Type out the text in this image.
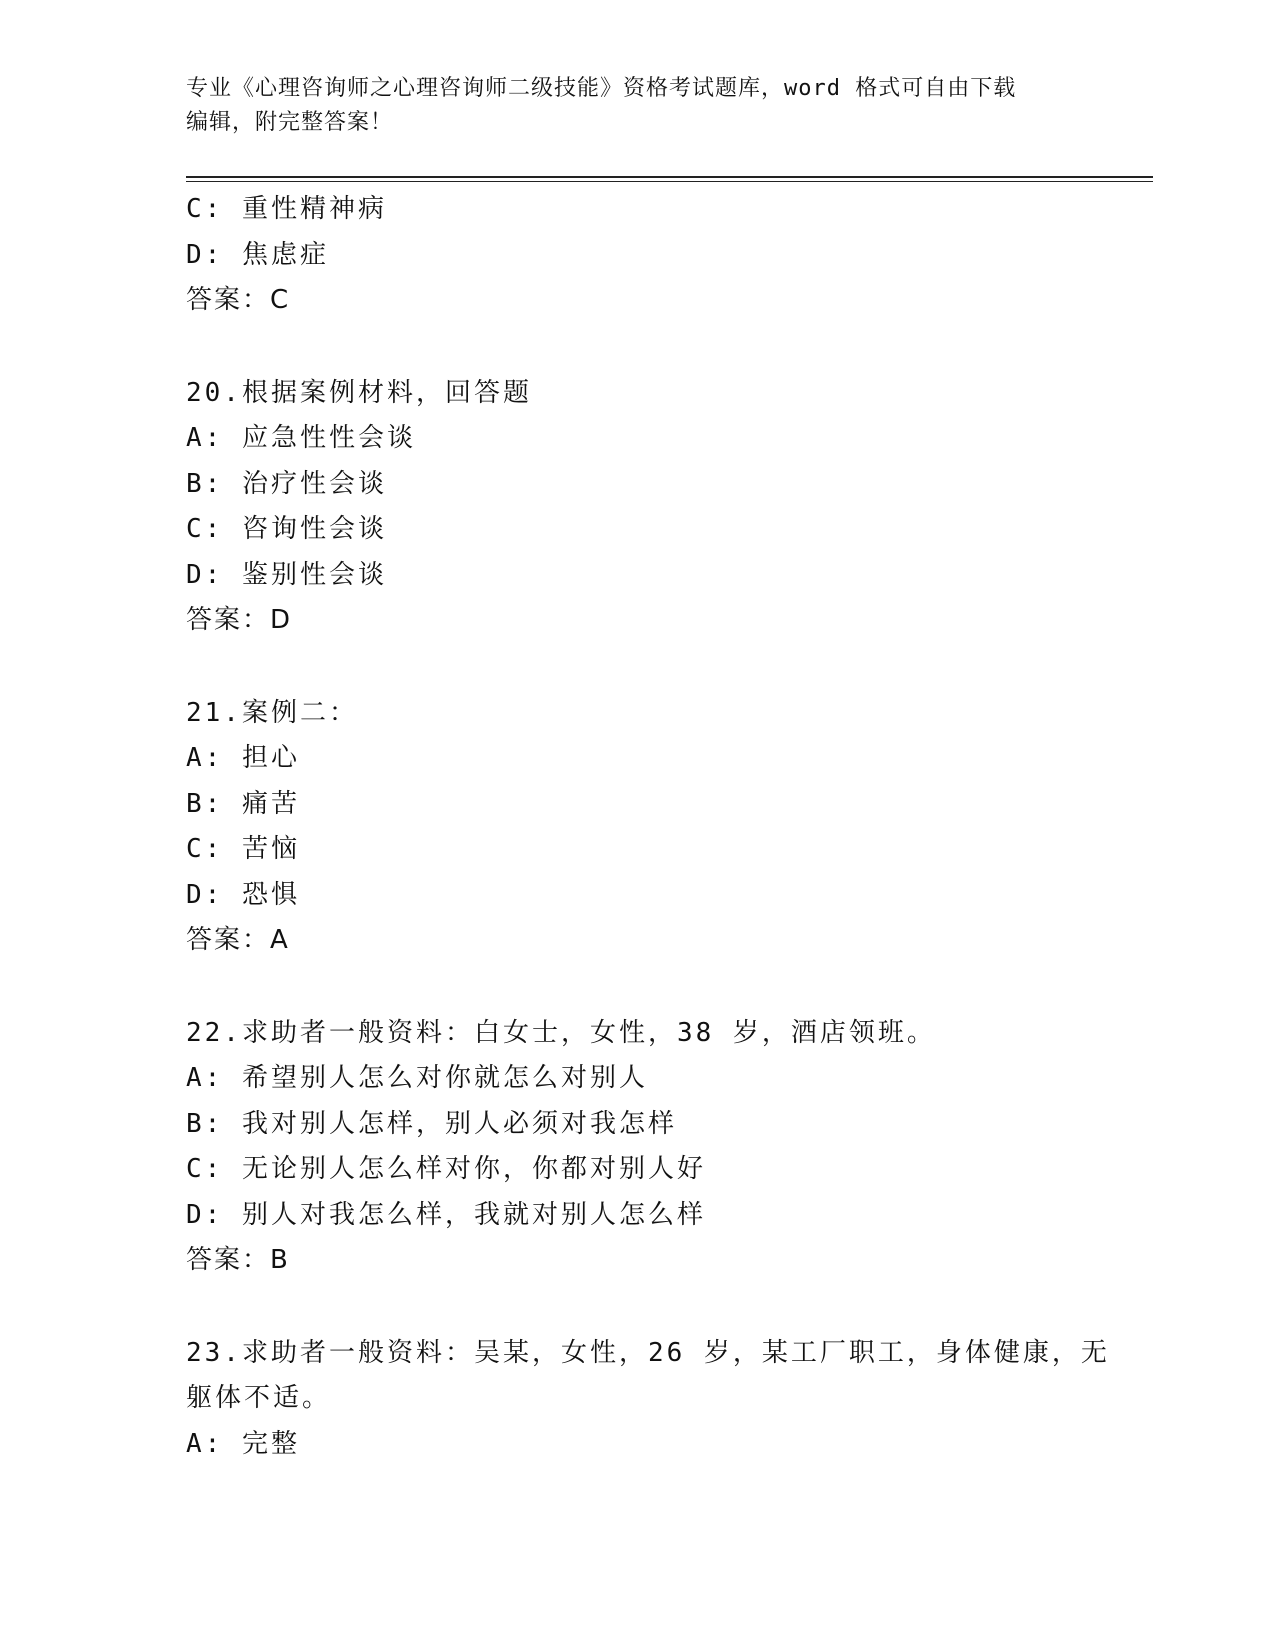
专业《心理咨询师之心理咨询师二级技能》资格考试题库，word 格式可自由下载
编辑，附完整答案！
C: 重性精神病
D: 焦虑症
答案：C
20.根据案例材料，回答题
A: 应急性性会谈
B: 治疗性会谈
C: 咨询性会谈
D: 鉴别性会谈
答案：D
21.案例二：
A: 担心
B: 痛苦
C: 苦恼
D: 恐惧
答案：A
22.求助者一般资料：白女士，女性，38 岁，酒店领班。
A: 希望别人怎么对你就怎么对别人
B: 我对别人怎样，别人必须对我怎样
C: 无论别人怎么样对你，你都对别人好
D: 别人对我怎么样，我就对别人怎么样
答案：B
23.求助者一般资料：吴某，女性，26 岁，某工厂职工，身体健康，无
躯体不适。
A: 完整
